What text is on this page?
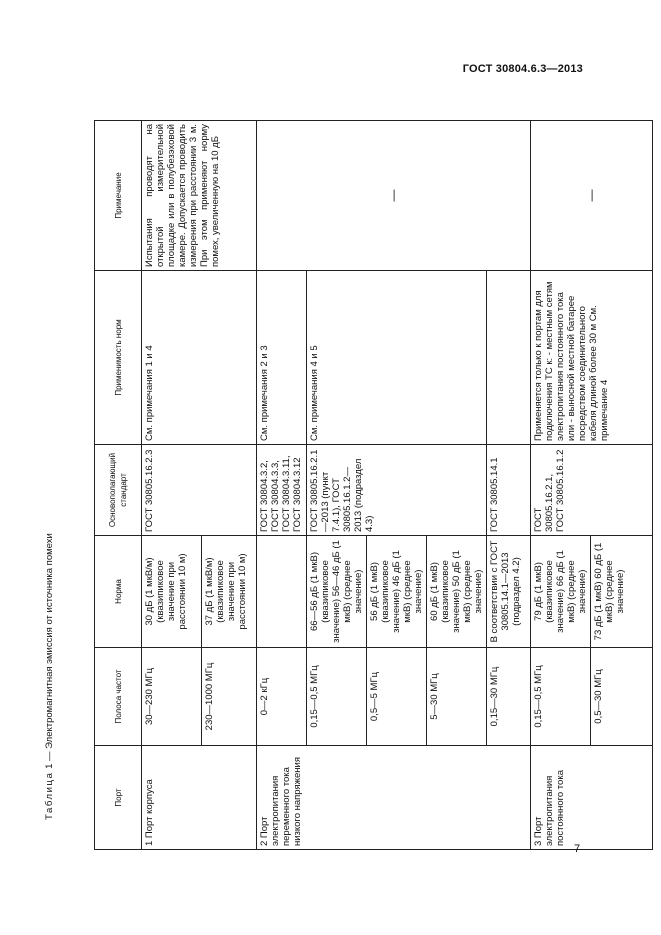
ГОСТ 30804.6.3—2013
Таблица 1 — Электромагнитная эмиссия от источника помехи
Порт	Полоса частот	Норма	Основополагающий стандарт	Применимость норм	Примечание	
1 Порт корпуса	30—230 МГц	30 дБ (1 мкВ/м) (квазипиковое значение при расстоянии 10 м)	ГОСТ 30805.16.2.3	См. примечания 1 и 4	Испытания проводят на открытой измерительной площадке или в полубезэховой камере. Допускается проводить измерения при расстоянии 3 м. При этом применяют норму помех, увеличенную на 10 дБ	
	230—1000 МГц	37 дБ (1 мкВ/м) (квазипиковое значение при расстоянии 10 м)				
2 Порт электропитания переменного тока низкого напряжения	0—2 кГц		ГОСТ 30804.3.2, ГОСТ 30804.3.3, ГОСТ 30804.3.11, ГОСТ 30804.3.12	См. примечания 2 и 3	—	
	0,15—0,5 МГц	66—56 дБ (1 мкВ) (квазипиковое значение) 56—46 дБ (1 мкВ) (среднее значение)	ГОСТ 30805.16.2.1—2013 (пункт 7.4.1), ГОСТ 30805.16.1.2—2013 (подраздел 4.3)	См. примечания 4 и 5		
	0,5—5 МГц	56 дБ (1 мкВ) (квазипиковое значение) 46 дБ (1 мкВ) (среднее значение)				
	5—30 МГц	60 дБ (1 мкВ) (квазипиковое значение) 50 дБ (1 мкВ) (среднее значение)				
	0,15—30 МГц	В соответствии с ГОСТ 30805.14.1—2013 (подраздел 4.2)	ГОСТ 30805.14.1			
3 Порт электропитания постоянного тока	0,15—0,5 МГц	79 дБ (1 мкВ) (квазипиковое значение) 66 дБ (1 мкВ) (среднее значение)	ГОСТ 30805.16.2.1, ГОСТ 30805.16.1.2	Применяется только к портам для подключения ТС к: - местным сетям электропитания постоянного тока или - выносной местной батарее посредством соединительного кабеля длиной более 30 м См. примечание 4	—	
	0,5—30 МГц	73 дБ (1 мкВ) 60 дБ (1 мкВ) (среднее значение)				
7
